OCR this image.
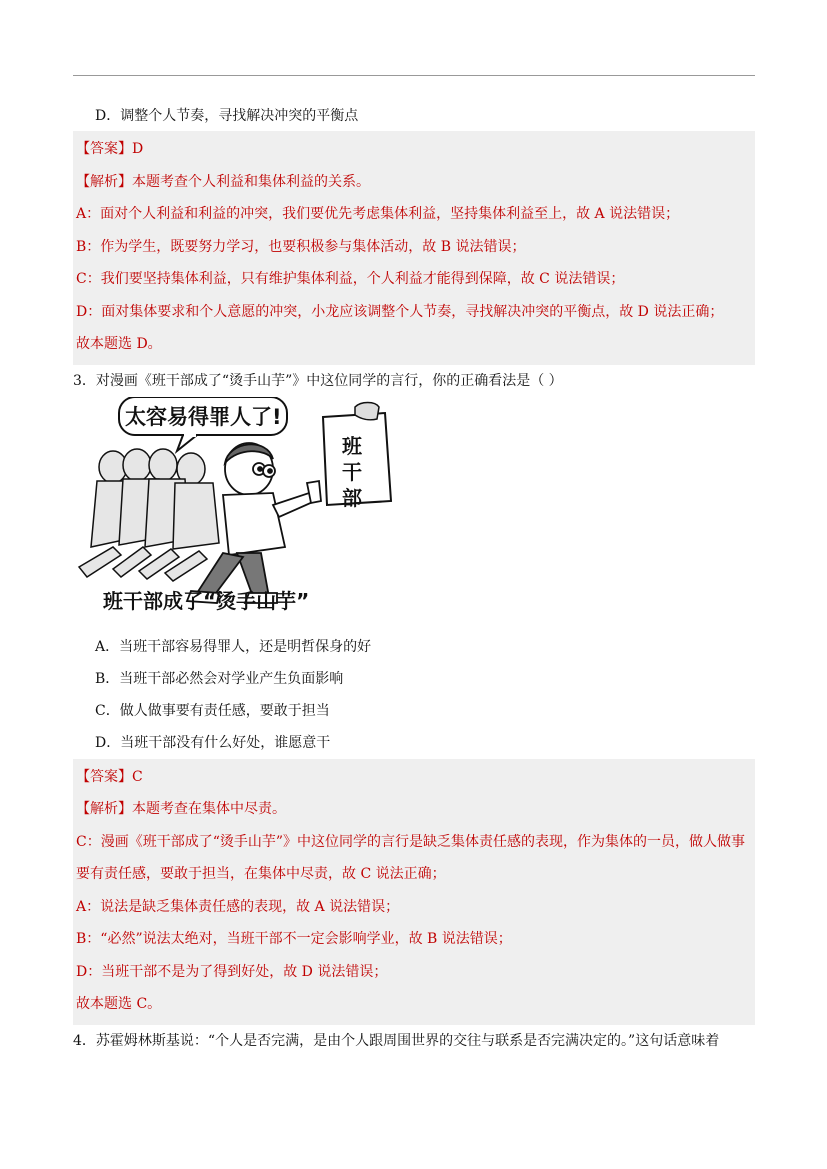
D．调整个人节奏，寻找解决冲突的平衡点
【答案】D
【解析】本题考查个人利益和集体利益的关系。
A：面对个人利益和利益的冲突，我们要优先考虑集体利益，坚持集体利益至上，故 A 说法错误；
B：作为学生，既要努力学习，也要积极参与集体活动，故 B 说法错误；
C：我们要坚持集体利益，只有维护集体利益，个人利益才能得到保障，故 C 说法错误；
D：面对集体要求和个人意愿的冲突，小龙应该调整个人节奏，寻找解决冲突的平衡点，故 D 说法正确；
故本题选 D。
3．对漫画《班干部成了“烫手山芋”》中这位同学的言行，你的正确看法是（ ）
太容易得罪人了!
班
干
部
班干部成了“烫手山芋”
A．当班干部容易得罪人，还是明哲保身的好
B．当班干部必然会对学业产生负面影响
C．做人做事要有责任感，要敢于担当
D．当班干部没有什么好处，谁愿意干
【答案】C
【解析】本题考查在集体中尽责。
C：漫画《班干部成了“烫手山芋”》中这位同学的言行是缺乏集体责任感的表现，作为集体的一员，做人做事要有责任感，要敢于担当，在集体中尽责，故 C 说法正确；
A：说法是缺乏集体责任感的表现，故 A 说法错误；
B：“必然”说法太绝对，当班干部不一定会影响学业，故 B 说法错误；
D：当班干部不是为了得到好处，故 D 说法错误；
故本题选 C。
4．苏霍姆林斯基说：“个人是否完满，是由个人跟周围世界的交往与联系是否完满决定的。”这句话意味着
